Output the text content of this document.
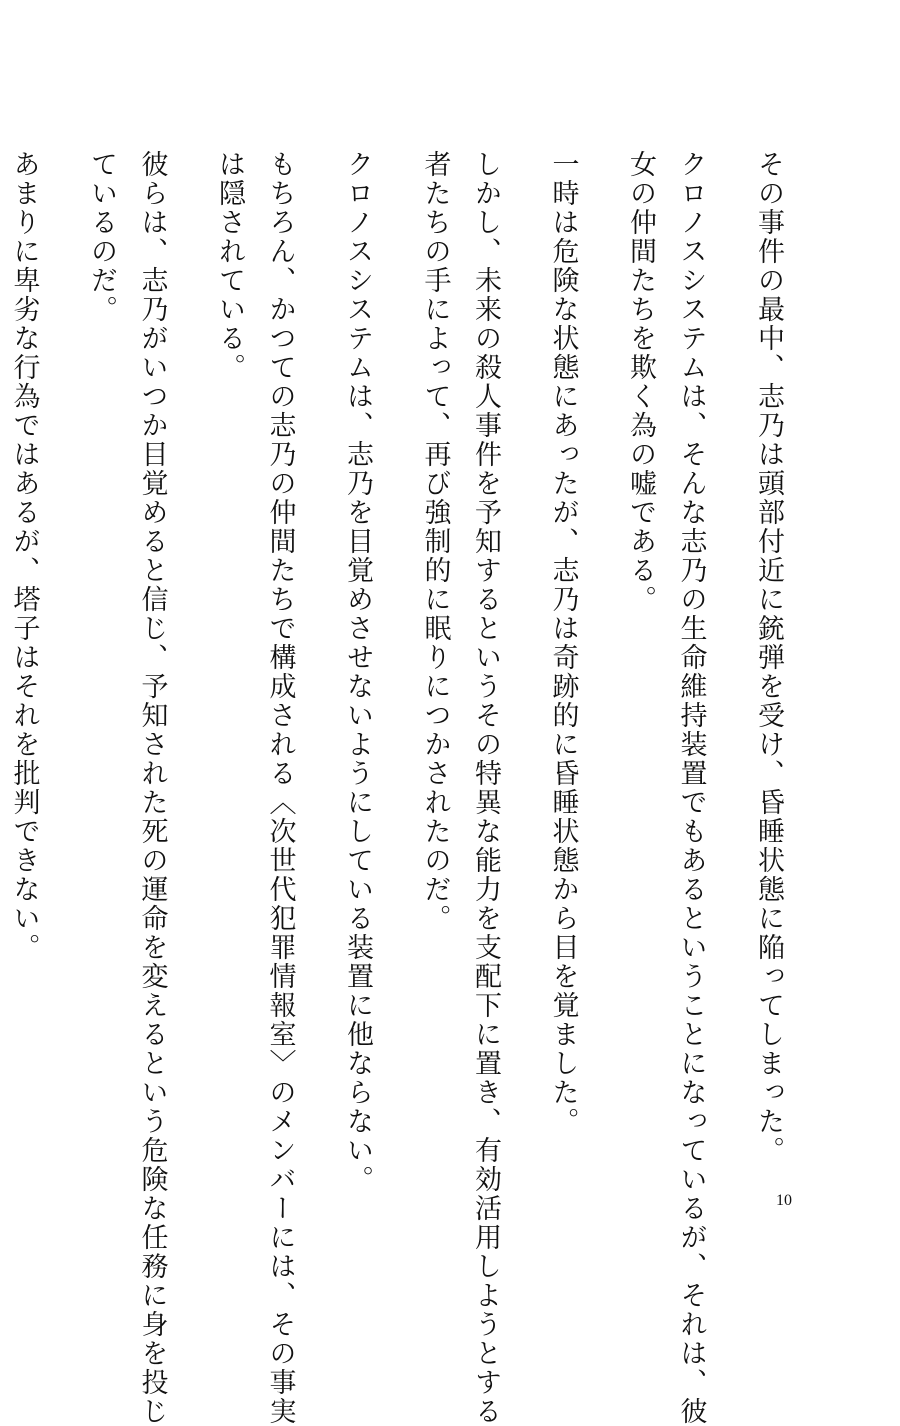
その事件の最中、志乃は頭部付近に銃弾を受け、昏睡状態に陥ってしまった。
クロノスシステムは、そんな志乃の生命維持装置でもあるということになっているが、それは、彼
女の仲間たちを欺く為の嘘である。
一時は危険な状態にあったが、志乃は奇跡的に昏睡状態から目を覚ました。
しかし、未来の殺人事件を予知するというその特異な能力を支配下に置き、有効活用しようとする
者たちの手によって、再び強制的に眠りにつかされたのだ。
クロノスシステムは、志乃を目覚めさせないようにしている装置に他ならない。
もちろん、かつての志乃の仲間たちで構成される〈次世代犯罪情報室〉のメンバーには、その事実
は隠されている。
彼らは、志乃がいつか目覚めると信じ、予知された死の運命を変えるという危険な任務に身を投じ
ているのだ。
あまりに卑劣な行為ではあるが、塔子はそれを批判できない。
10
